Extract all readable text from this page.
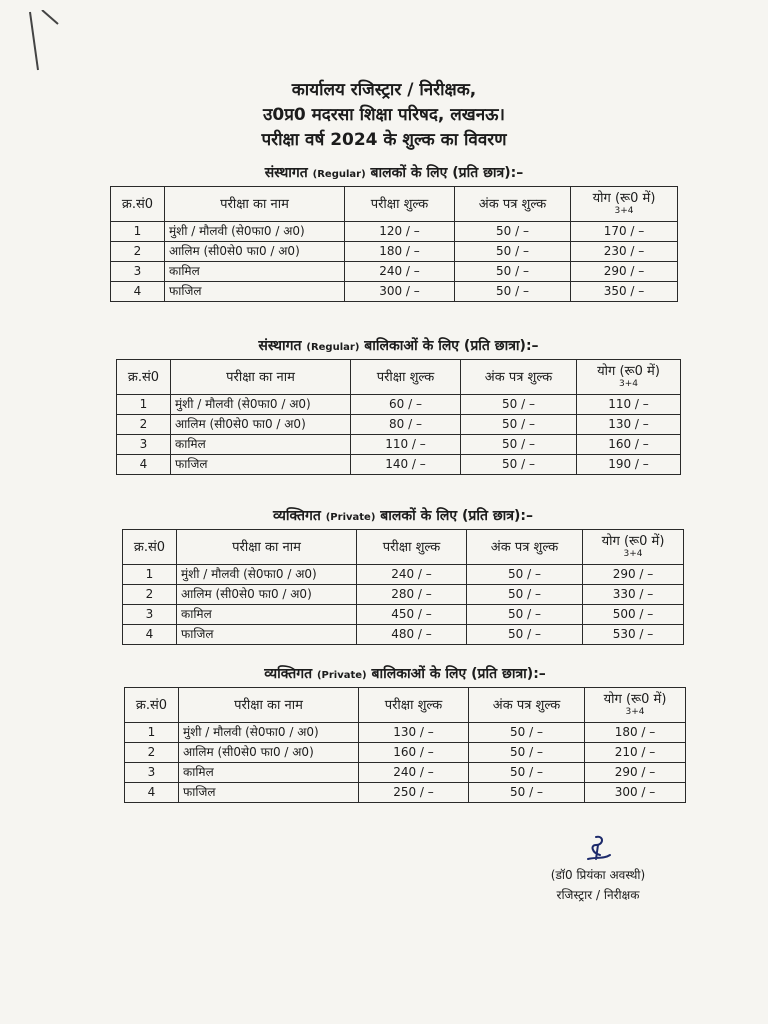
कार्यालय रजिस्ट्रार / निरीक्षक,
उ0प्र0 मदरसा शिक्षा परिषद, लखनऊ।
परीक्षा वर्ष 2024 के शुल्क का विवरण
संस्थागत (Regular) बालकों के लिए (प्रति छात्र):–
क्र.सं0	परीक्षा का नाम	परीक्षा शुल्क	अंक पत्र शुल्क	योग (रू0 में)
3+4

1	मुंशी / मौलवी (से0फा0 / अ0)	120 / –	50 / –	170 / –
2	आलिम (सी0से0 फा0 / अ0)	180 / –	50 / –	230 / –
3	कामिल	240 / –	50 / –	290 / –
4	फाजिल	300 / –	50 / –	350 / –
संस्थागत (Regular) बालिकाओं के लिए (प्रति छात्रा):–
क्र.सं0	परीक्षा का नाम	परीक्षा शुल्क	अंक पत्र शुल्क	योग (रू0 में)
3+4

1	मुंशी / मौलवी (से0फा0 / अ0)	60 / –	50 / –	110 / –
2	आलिम (सी0से0 फा0 / अ0)	80 / –	50 / –	130 / –
3	कामिल	110 / –	50 / –	160 / –
4	फाजिल	140 / –	50 / –	190 / –
व्यक्तिगत (Private) बालकों के लिए (प्रति छात्र):–
क्र.सं0	परीक्षा का नाम	परीक्षा शुल्क	अंक पत्र शुल्क	योग (रू0 में)
3+4

1	मुंशी / मौलवी (से0फा0 / अ0)	240 / –	50 / –	290 / –
2	आलिम (सी0से0 फा0 / अ0)	280 / –	50 / –	330 / –
3	कामिल	450 / –	50 / –	500 / –
4	फाजिल	480 / –	50 / –	530 / –
व्यक्तिगत (Private) बालिकाओं के लिए (प्रति छात्रा):–
क्र.सं0	परीक्षा का नाम	परीक्षा शुल्क	अंक पत्र शुल्क	योग (रू0 में)
3+4

1	मुंशी / मौलवी (से0फा0 / अ0)	130 / –	50 / –	180 / –
2	आलिम (सी0से0 फा0 / अ0)	160 / –	50 / –	210 / –
3	कामिल	240 / –	50 / –	290 / –
4	फाजिल	250 / –	50 / –	300 / –
(डॉ0 प्रियंका अवस्थी)
रजिस्ट्रार / निरीक्षक
